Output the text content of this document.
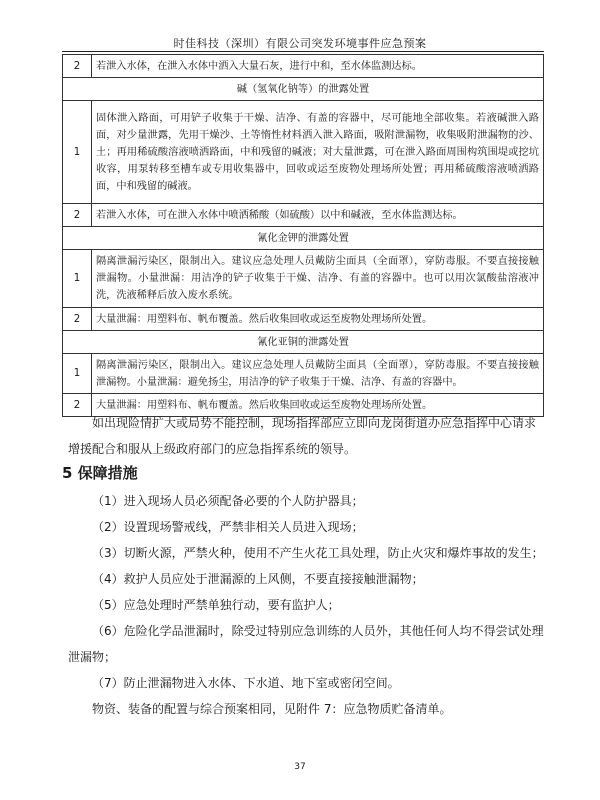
时佳科技（深圳）有限公司突发环境事件应急预案
2	若泄入水体，在泄入水体中洒入大量石灰，进行中和，至水体监测达标。
碱（氢氧化钠等）的泄露处置	
1	固体泄入路面，可用铲子收集于干燥、洁净、有盖的容器中，尽可能地全部收集。若液碱泄入路面，对少量泄露，先用干燥沙、土等惰性材料洒入泄入路面，吸附泄漏物，收集吸附泄漏物的沙、土；再用稀硫酸溶液喷洒路面，中和残留的碱液；对大量泄露，可在泄入路面周围构筑围堤或挖坑收容，用泵转移至槽车或专用收集器中，回收或运至废物处理场所处置；再用稀硫酸溶液喷洒路面，中和残留的碱液。
2	若泄入水体，可在泄入水体中喷洒稀酸（如硫酸）以中和碱液，至水体监测达标。
氰化金钾的泄露处置	
1	隔离泄漏污染区，限制出入。建议应急处理人员戴防尘面具（全面罩），穿防毒服。不要直接接触泄漏物。小量泄漏：用洁净的铲子收集于干燥、洁净、有盖的容器中。也可以用次氯酸盐溶液冲洗，洗液稀释后放入废水系统。
2	大量泄漏：用塑料布、帆布覆盖。然后收集回收或运至废物处理场所处置。
氰化亚铜的泄露处置	
1	隔离泄漏污染区，限制出入。建议应急处理人员戴防尘面具（全面罩），穿防毒服。不要直接接触泄漏物。小量泄漏：避免扬尘，用洁净的铲子收集于干燥、洁净、有盖的容器中。
2	大量泄漏：用塑料布、帆布覆盖。然后收集回收或运至废物处理场所处置。

如出现险情扩大或局势不能控制，现场指挥部应立即向龙岗街道办应急指挥中心请求增援配合和服从上级政府部门的应急指挥系统的领导。

5 保障措施

（1）进入现场人员必须配备必要的个人防护器具；

（2）设置现场警戒线，严禁非相关人员进入现场；

（3）切断火源，严禁火种，使用不产生火花工具处理，防止火灾和爆炸事故的发生；

（4）救护人员应处于泄漏源的上风侧，不要直接接触泄漏物；

（5）应急处理时严禁单独行动，要有监护人；

（6）危险化学品泄漏时，除受过特别应急训练的人员外，其他任何人均不得尝试处理泄漏物；

（7）防止泄漏物进入水体、下水道、地下室或密闭空间。

物资、装备的配置与综合预案相同，见附件 7：应急物质贮备清单。

37
